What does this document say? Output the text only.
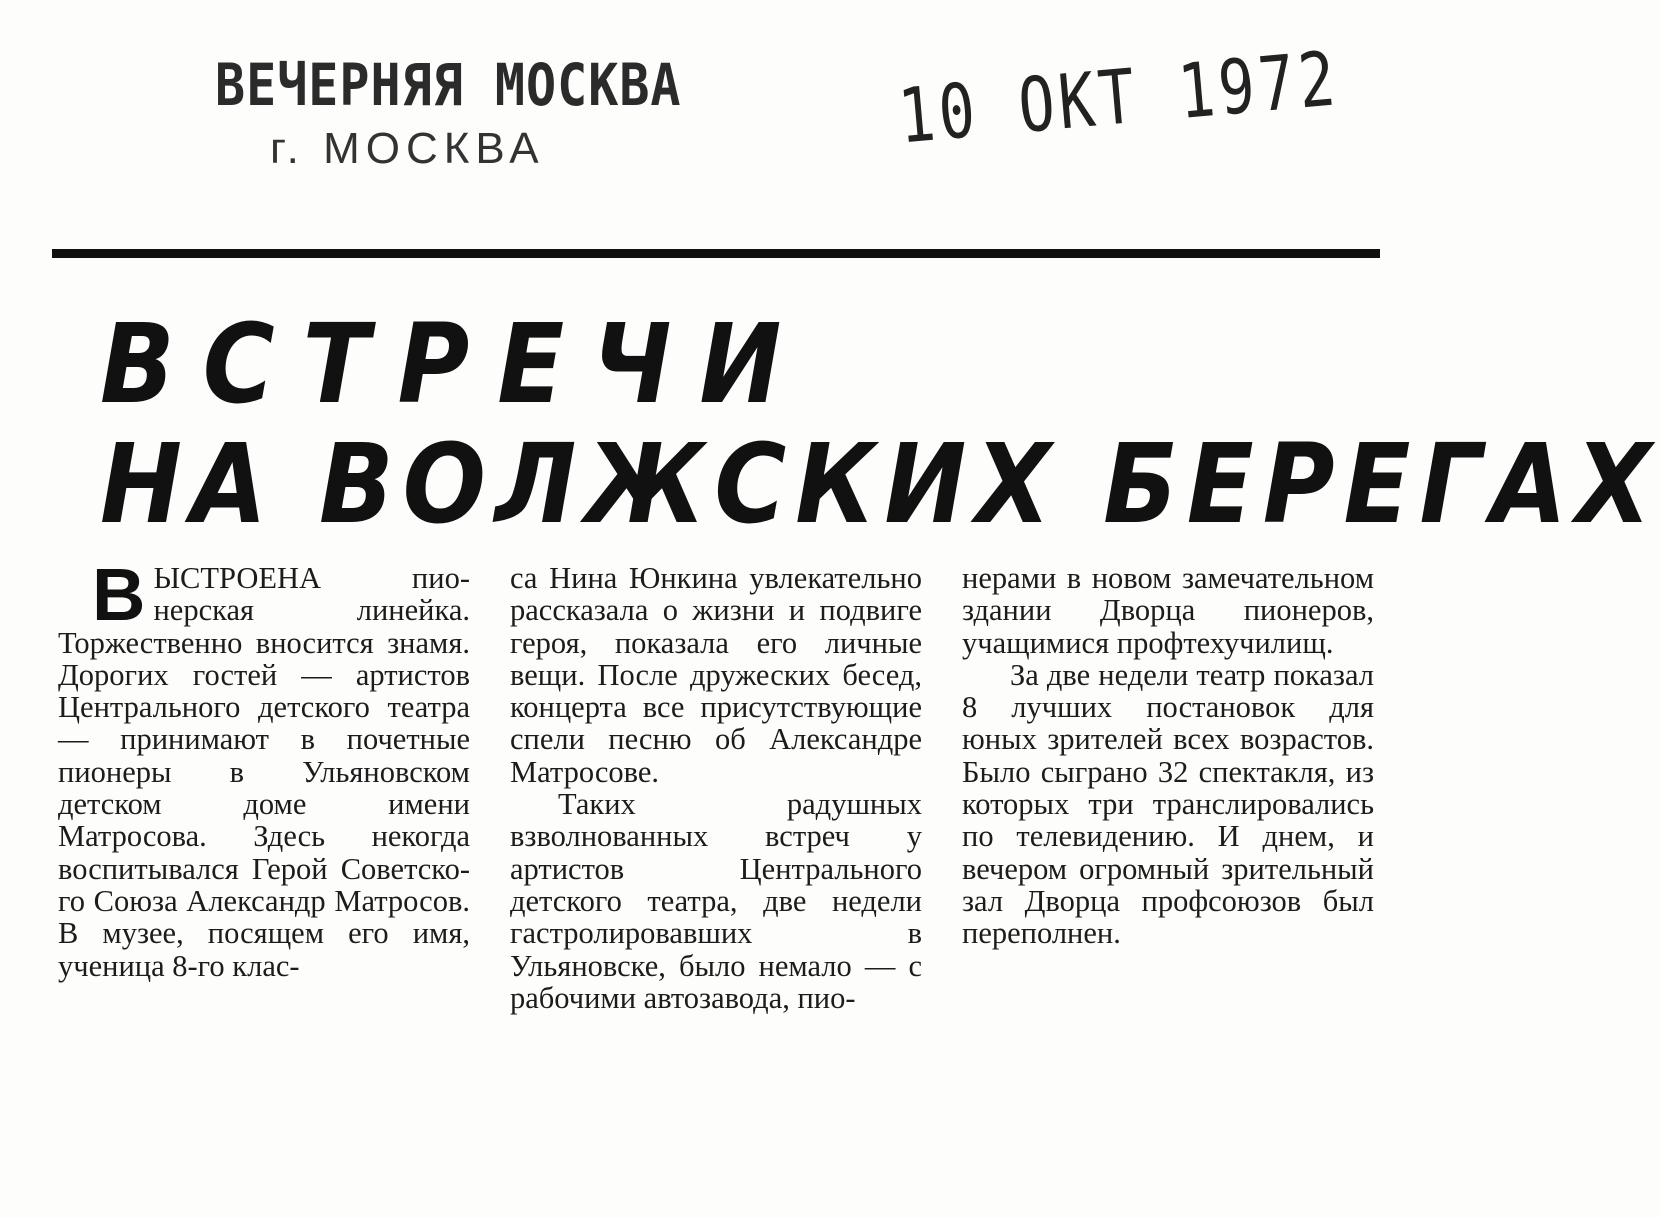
ВЕЧЕРНЯЯ МОСКВА
г. МОСКВА	10 ОКТ 1972
ВСТРЕЧИ
НА ВОЛЖСКИХ БЕРЕГАХ

ВЫСТРОЕНА пионерская линейка. Торжественно вносится знамя. Дорогих гостей — артистов Центрального детского театра — принимают в почетные пионеры в Ульяновском детском доме имени Матросова. Здесь некогда воспитывался Герой Советского Союза Александр Матросов. В музее, посящем его имя, ученица 8-го клас-

са Нина Юнкина увлекательно рассказала о жизни и подвиге героя, показала его личные вещи. После дружеских бесед, концерта все присутствующие спели песню об Александре Матросове.

Таких радушных взволнованных встреч у артистов Центрального детского театра, две недели гастролировавших в Ульяновске, было немало — с рабочими автозавода, пио-

нерами в новом замечательном здании Дворца пионеров, учащимися профтехучилищ.

За две недели театр показал 8 лучших постановок для юных зрителей всех возрастов. Было сыграно 32 спектакля, из которых три транслировались по телевидению. И днем, и вечером огромный зрительный зал Дворца профсоюзов был переполнен.
